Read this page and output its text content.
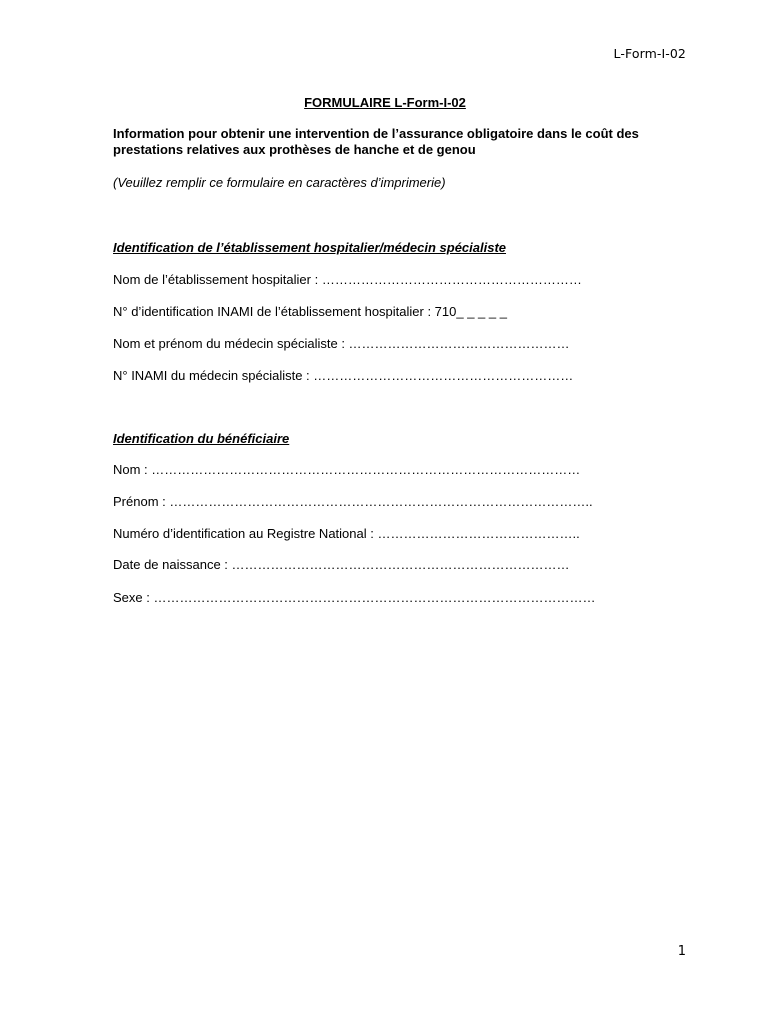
L-Form-I-02
FORMULAIRE L-Form-I-02
Information pour obtenir une intervention de l’assurance obligatoire dans le coût des prestations relatives aux prothèses de hanche et de genou
(Veuillez remplir ce formulaire en caractères d’imprimerie)
Identification de l’établissement hospitalier/médecin spécialiste
Nom de l’établissement hospitalier : ……………………………………………………
N° d’identification INAMI de l’établissement hospitalier : 710_ _ _ _ _
Nom et prénom du médecin spécialiste : ……………………………………………
N° INAMI du médecin spécialiste : ……………………………………………………
Identification du bénéficiaire
Nom : ………………………………………………………………………………………
Prénom : ……………………………………………………………………………………..
Numéro d’identification au Registre National : ………………………………………..
Date de naissance : ……………………………………………………………………
Sexe : …………………………………………………………………………………………
1
